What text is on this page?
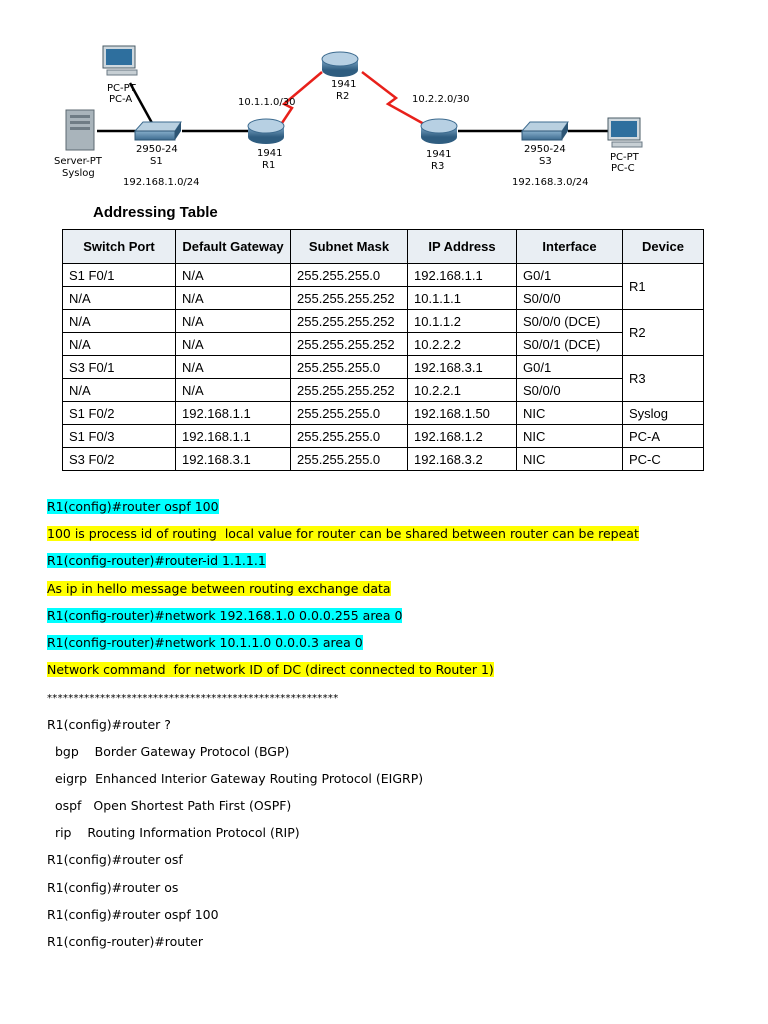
PC-PT
PC-A
Server-PT
Syslog
2950-24
S1
192.168.1.0/24
1941
R1
1941
R2
1941
R3
2950-24
S3
192.168.3.0/24
PC-PT
PC-C
10.1.1.0/30	10.2.2.0/30
Addressing Table
Switch Port	Default Gateway	Subnet Mask	IP Address	Interface	Device
S1 F0/1	N/A	255.255.255.0	192.168.1.1	G0/1	R1
N/A	N/A	255.255.255.252	10.1.1.1	S0/0/0	
N/A	N/A	255.255.255.252	10.1.1.2	S0/0/0 (DCE)	R2
N/A	N/A	255.255.255.252	10.2.2.2	S0/0/1 (DCE)	
S3 F0/1	N/A	255.255.255.0	192.168.3.1	G0/1	R3
N/A	N/A	255.255.255.252	10.2.2.1	S0/0/0	
S1 F0/2	192.168.1.1	255.255.255.0	192.168.1.50	NIC	Syslog
S1 F0/3	192.168.1.1	255.255.255.0	192.168.1.2	NIC	PC-A
S3 F0/2	192.168.3.1	255.255.255.0	192.168.3.2	NIC	PC-C
R1(config)#router ospf 100
100 is process id of routing  local value for router can be shared between router can be repeat
R1(config-router)#router-id 1.1.1.1
As ip in hello message between routing exchange data
R1(config-router)#network 192.168.1.0 0.0.0.255 area 0
R1(config-router)#network 10.1.1.0 0.0.0.3 area 0
Network command  for network ID of DC (direct connected to Router 1)
*******************************************************
R1(config)#router ?
bgp    Border Gateway Protocol (BGP)
eigrp  Enhanced Interior Gateway Routing Protocol (EIGRP)
ospf   Open Shortest Path First (OSPF)
rip    Routing Information Protocol (RIP)
R1(config)#router osf
R1(config)#router os
R1(config)#router ospf 100
R1(config-router)#router
